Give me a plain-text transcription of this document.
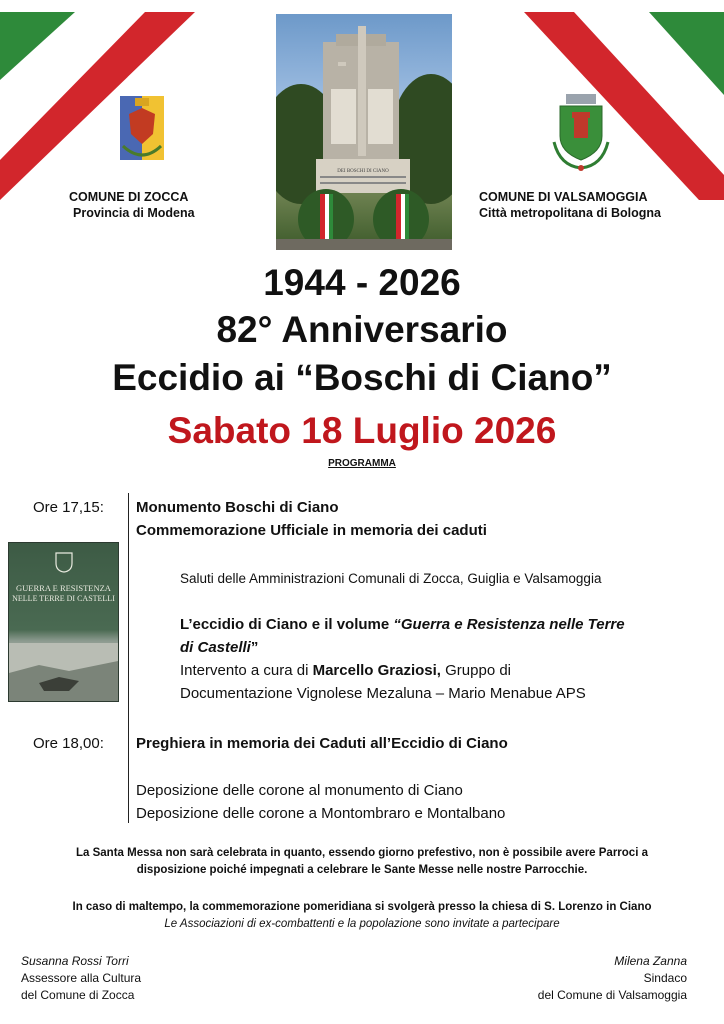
COMUNE DI ZOCCA
Provincia di Modena
COMUNE DI VALSAMOGGIA
Città metropolitana di Bologna
DEI BOSCHI DI CIANO
1944 - 2026
82° Anniversario
Eccidio ai “Boschi di Ciano”
Sabato 18 Luglio 2026
PROGRAMMA
Ore 17,15: Monumento Boschi di Ciano
Commemorazione Ufficiale in memoria dei caduti
Saluti delle Amministrazioni Comunali di Zocca, Guiglia e Valsamoggia
L’eccidio di Ciano e il volume “Guerra e Resistenza nelle Terre
di Castelli”
Intervento a cura di Marcello Graziosi, Gruppo di
Documentazione Vignolese Mezaluna – Mario Menabue APS
Ore 18,00: Preghiera in memoria dei Caduti all’Eccidio di Ciano
Deposizione delle corone al monumento di Ciano
Deposizione delle corone a Montombraro e Montalbano
GUERRA E RESISTENZA
NELLE TERRE DI CASTELLI
La Santa Messa non sarà celebrata in quanto, essendo giorno prefestivo, non è possibile avere Parroci a
disposizione poiché impegnati a celebrare le Sante Messe nelle nostre Parrocchie.
In caso di maltempo, la commemorazione pomeridiana si svolgerà presso la chiesa di S. Lorenzo in Ciano
Le Associazioni di ex-combattenti e la popolazione sono invitate a partecipare
Susanna Rossi Torri
Assessore alla Cultura
del Comune di Zocca
Milena Zanna
Sindaco
del Comune di Valsamoggia
